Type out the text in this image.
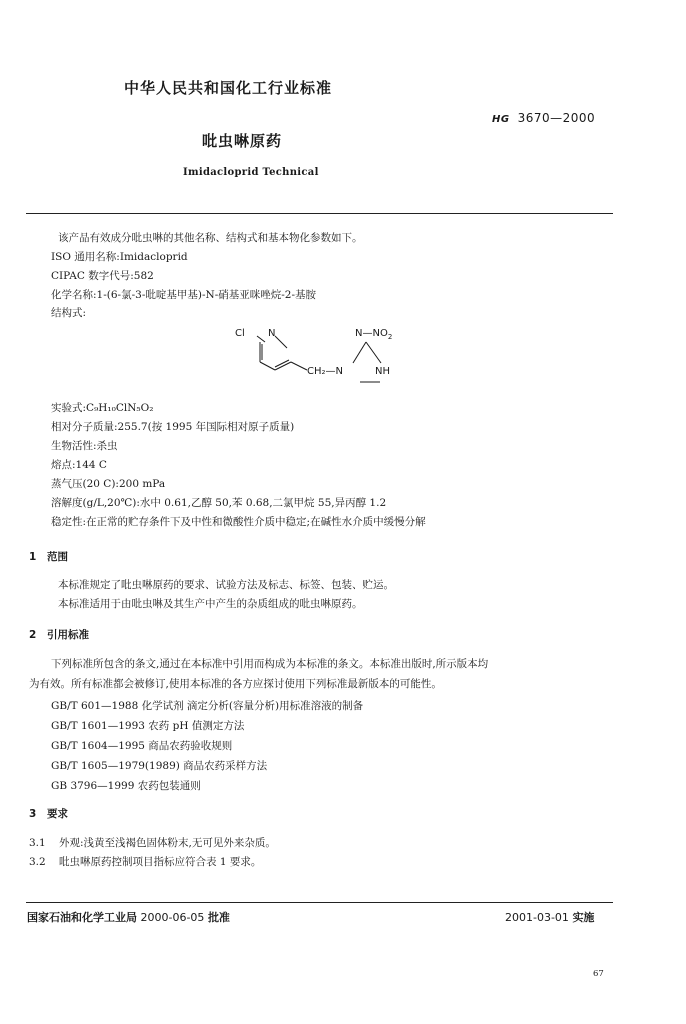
中华人民共和国化工行业标准
HG 3670—2000
吡虫啉原药
Imidacloprid Technical
该产品有效成分吡虫啉的其他名称、结构式和基本物化参数如下。
ISO 通用名称:Imidacloprid
CIPAC 数字代号:582
化学名称:1-(6-氯-3-吡啶基甲基)-N-硝基亚咪唑烷-2-基胺
结构式:
Cl N	$N—NO_2$
CH₂—N	NH
实验式:C₉H₁₀ClN₅O₂
相对分子质量:255.7(按 1995 年国际相对原子质量)
生物活性:杀虫
熔点:144 C
蒸气压(20 C):200 mPa
溶解度(g/L,20℃):水中 0.61,乙醇 50,苯 0.68,二氯甲烷 55,异丙醇 1.2
稳定性:在正常的贮存条件下及中性和微酸性介质中稳定;在碱性水介质中缓慢分解
1 范围
本标准规定了吡虫啉原药的要求、试验方法及标志、标签、包装、贮运。
本标准适用于由吡虫啉及其生产中产生的杂质组成的吡虫啉原药。
2 引用标准
下列标准所包含的条文,通过在本标准中引用而构成为本标准的条文。本标准出版时,所示版本均
为有效。所有标准都会被修订,使用本标准的各方应探讨使用下列标准最新版本的可能性。
GB/T 601—1988 化学试剂 滴定分析(容量分析)用标准溶液的制备
GB/T 1601—1993 农药 pH 值测定方法
GB/T 1604—1995 商品农药验收规则
GB/T 1605—1979(1989) 商品农药采样方法
GB 3796—1999 农药包装通则
3 要求
3.1 外观:浅黄至浅褐色固体粉末,无可见外来杂质。
3.2 吡虫啉原药控制项目指标应符合表 1 要求。
国家石油和化学工业局 2000-06-05 批准	2001-03-01 实施
67
